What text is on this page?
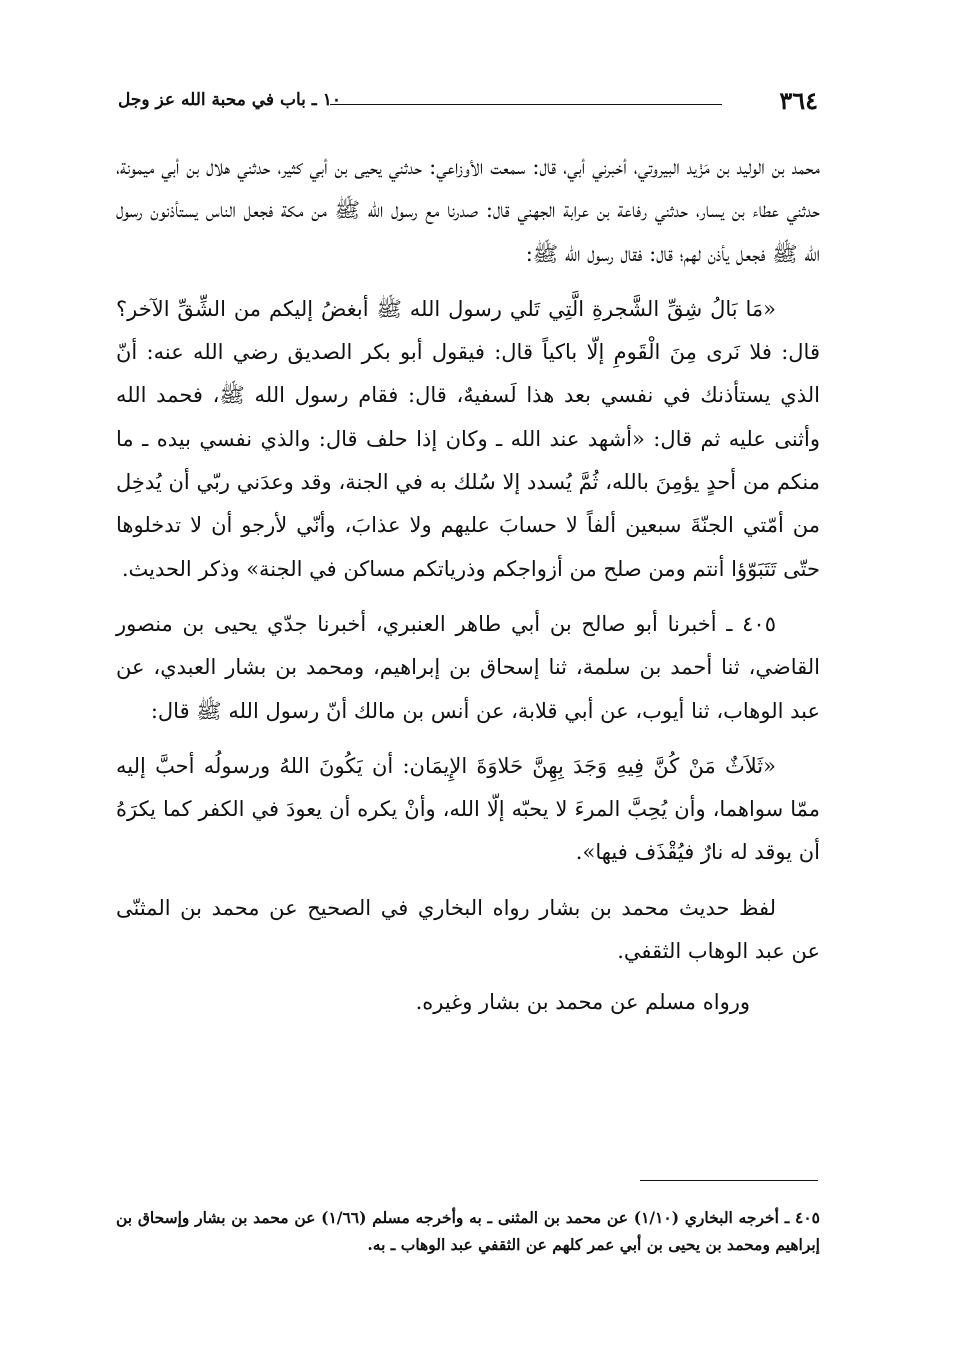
٣٦٤
١٠ ـ باب في محبة الله عز وجل

محمد بن الوليد بن مَزْيد البيروتي، أخبرني أبي، قال: سمعت الأوزاعي: حدثني يحيى بن أبي كثير، حدثني هلال بن أبي ميمونة، حدثني عطاء بن يسار، حدثني رفاعة بن عرابة الجهني قال: صدرنا مع رسول الله ﷺ من مكة فجعل الناس يستأذنون رسول الله ﷺ فجعل يأذن لهم؛ قال: فقال رسول الله ﷺ:

«مَا بَالُ شِقِّ الشَّجرةِ الَّتِي تَلي رسول الله ﷺ أبغضُ إليكم من الشِّقِّ الآخر؟ قال: فلا نَرى مِنَ الْقَومِ إلّا باكياً قال: فيقول أبو بكر الصديق رضي الله عنه: أنّ الذي يستأذنك في نفسي بعد هذا لَسفيهٌ، قال: فقام رسول الله ﷺ، فحمد الله وأثنى عليه ثم قال: «أشهد عند الله ـ وكان إذا حلف قال: والذي نفسي بيده ـ ما منكم من أحدٍ يؤمِنَ بالله، ثُمَّ يُسدد إلا سُلك به في الجنة، وقد وعدَني ربّي أن يُدخِل من أمّتي الجنّةَ سبعين ألفاً لا حسابَ عليهم ولا عذابَ، وأنّي لأرجو أن لا تدخلوها حتّى تَتَبَوّؤا أنتم ومن صلح من أزواجكم وذرياتكم مساكن في الجنة» وذكر الحديث.

٤٠٥ ـ أخبرنا أبو صالح بن أبي طاهر العنبري، أخبرنا جدّي يحيى بن منصور القاضي، ثنا أحمد بن سلمة، ثنا إسحاق بن إبراهيم، ومحمد بن بشار العبدي، عن عبد الوهاب، ثنا أيوب، عن أبي قلابة، عن أنس بن مالك أنّ رسول الله ﷺ قال:

«ثَلاَثٌ مَنْ كُنَّ فِيهِ وَجَدَ بِهِنَّ حَلاوَةَ الإِيمَان: أن يَكُونَ اللهُ ورسولُه أحبَّ إليه ممّا سواهما، وأن يُحِبَّ المرءَ لا يحبّه إلّا الله، وأنْ يكره أن يعودَ في الكفر كما يكرَهُ أن يوقد له نارٌ فيُقْذَف فيها».

لفظ حديث محمد بن بشار رواه البخاري في الصحيح عن محمد بن المثنّى عن عبد الوهاب الثقفي.

ورواه مسلم عن محمد بن بشار وغيره.

٤٠٥ ـ أخرجه البخاري (١/١٠) عن محمد بن المثنى ـ به وأخرجه مسلم (١/٦٦) عن محمد بن بشار وإسحاق بن إبراهيم ومحمد بن يحيى بن أبي عمر كلهم عن الثقفي عبد الوهاب ـ به.
